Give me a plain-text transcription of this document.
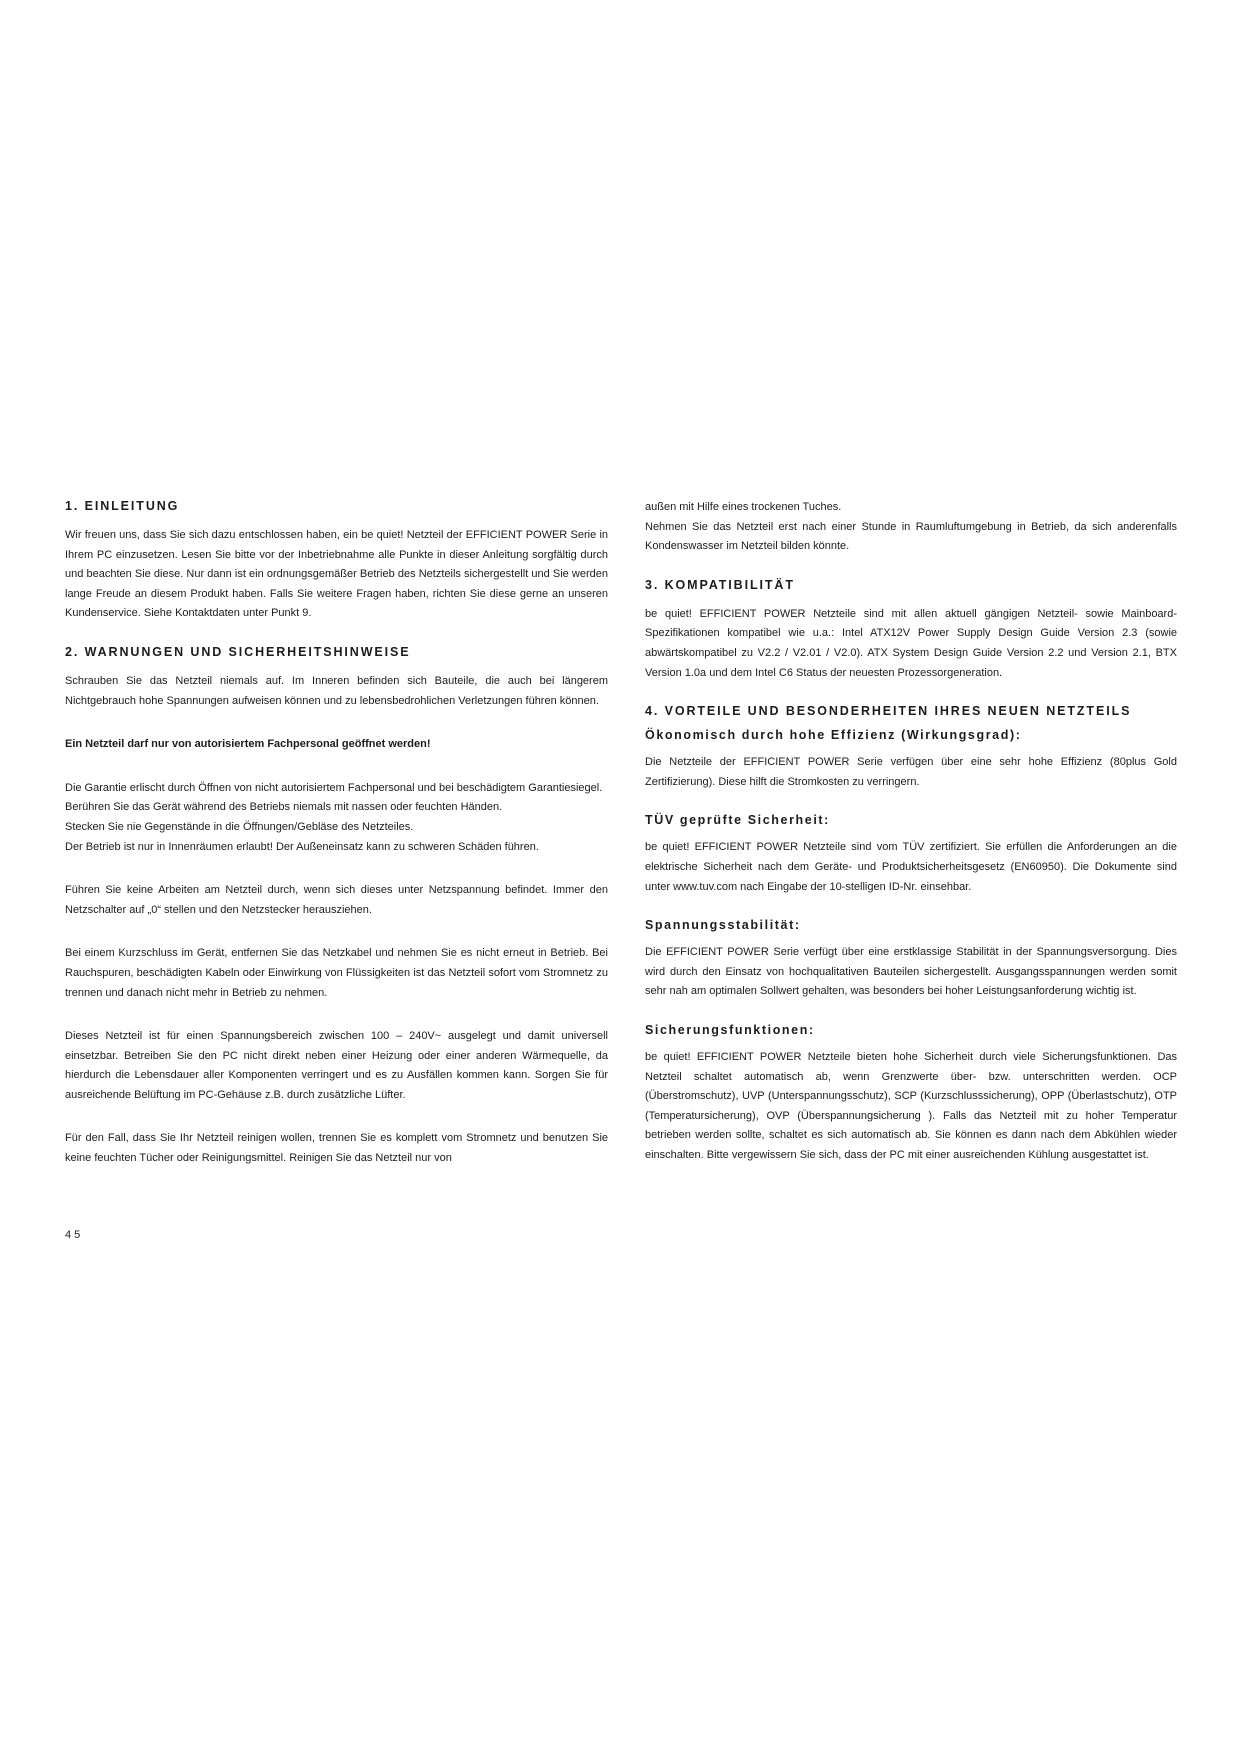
1. EINLEITUNG

Wir freuen uns, dass Sie sich dazu entschlossen haben, ein be quiet! Netzteil der EFFICIENT POWER Serie in Ihrem PC einzusetzen. Lesen Sie bitte vor der Inbetriebnahme alle Punkte in dieser Anleitung sorgfältig durch und beachten Sie diese. Nur dann ist ein ordnungsgemäßer Betrieb des Netzteils sichergestellt und Sie werden lange Freude an diesem Produkt haben. Falls Sie weitere Fragen haben, richten Sie diese gerne an unseren Kundenservice. Siehe Kontaktdaten unter Punkt 9.

2. WARNUNGEN UND SICHERHEITSHINWEISE

Schrauben Sie das Netzteil niemals auf. Im Inneren befinden sich Bauteile, die auch bei längerem Nichtgebrauch hohe Spannungen aufweisen können und zu lebensbedrohlichen Verletzungen führen können.

Ein Netzteil darf nur von autorisiertem Fachpersonal geöffnet werden!

Die Garantie erlischt durch Öffnen von nicht autorisiertem Fachpersonal und bei beschädigtem Garantiesiegel.

Berühren Sie das Gerät während des Betriebs niemals mit nassen oder feuchten Händen.

Stecken Sie nie Gegenstände in die Öffnungen/Gebläse des Netzteiles.

Der Betrieb ist nur in Innenräumen erlaubt! Der Außeneinsatz kann zu schweren Schäden führen.

Führen Sie keine Arbeiten am Netzteil durch, wenn sich dieses unter Netzspannung befindet. Immer den Netzschalter auf „0“ stellen und den Netzstecker herausziehen.

Bei einem Kurzschluss im Gerät, entfernen Sie das Netzkabel und nehmen Sie es nicht erneut in Betrieb. Bei Rauchspuren, beschädigten Kabeln oder Einwirkung von Flüssigkeiten ist das Netzteil sofort vom Stromnetz zu trennen und danach nicht mehr in Betrieb zu nehmen.

Dieses Netzteil ist für einen Spannungsbereich zwischen 100 – 240V~ ausgelegt und damit universell einsetzbar. Betreiben Sie den PC nicht direkt neben einer Heizung oder einer anderen Wärmequelle, da hierdurch die Lebensdauer aller Komponenten verringert und es zu Ausfällen kommen kann. Sorgen Sie für ausreichende Belüftung im PC-Gehäuse z.B. durch zusätzliche Lüfter.

Für den Fall, dass Sie Ihr Netzteil reinigen wollen, trennen Sie es komplett vom Stromnetz und benutzen Sie keine feuchten Tücher oder Reinigungsmittel. Reinigen Sie das Netzteil nur von

außen mit Hilfe eines trockenen Tuches.

Nehmen Sie das Netzteil erst nach einer Stunde in Raumluftumgebung in Betrieb, da sich anderenfalls Kondenswasser im Netzteil bilden könnte.

3. KOMPATIBILITÄT

be quiet! EFFICIENT POWER Netzteile sind mit allen aktuell gängigen Netzteil- sowie Mainboard-Spezifikationen kompatibel wie u.a.: Intel ATX12V Power Supply Design Guide Version 2.3 (sowie abwärtskompatibel zu V2.2 / V2.01 / V2.0). ATX System Design Guide Version 2.2 und Version 2.1, BTX Version 1.0a und dem Intel C6 Status der neuesten Prozessorgeneration.

4. VORTEILE UND BESONDERHEITEN IHRES NEUEN NETZTEILS
Ökonomisch durch hohe Effizienz (Wirkungsgrad):

Die Netzteile der EFFICIENT POWER Serie verfügen über eine sehr hohe Effizienz (80plus Gold Zertifizierung). Diese hilft die Stromkosten zu verringern.

TÜV geprüfte Sicherheit:

be quiet! EFFICIENT POWER Netzteile sind vom TÜV zertifiziert. Sie erfüllen die Anforderungen an die elektrische Sicherheit nach dem Geräte- und Produktsicherheitsgesetz (EN60950). Die Dokumente sind unter www.tuv.com nach Eingabe der 10-stelligen ID-Nr. einsehbar.

Spannungsstabilität:

Die EFFICIENT POWER Serie verfügt über eine erstklassige Stabilität in der Spannungsversorgung. Dies wird durch den Einsatz von hochqualitativen Bauteilen sichergestellt. Ausgangsspannungen werden somit sehr nah am optimalen Sollwert gehalten, was besonders bei hoher Leistungsanforderung wichtig ist.

Sicherungsfunktionen:

be quiet! EFFICIENT POWER Netzteile bieten hohe Sicherheit durch viele Sicherungsfunktionen. Das Netzteil schaltet automatisch ab, wenn Grenzwerte über- bzw. unterschritten werden. OCP (Überstromschutz), UVP (Unterspannungsschutz), SCP (Kurzschlusssicherung), OPP (Überlastschutz), OTP (Temperatursicherung), OVP (Überspannungsicherung ). Falls das Netzteil mit zu hoher Temperatur betrieben werden sollte, schaltet es sich automatisch ab. Sie können es dann nach dem Abkühlen wieder einschalten. Bitte vergewissern Sie sich, dass der PC mit einer ausreichenden Kühlung ausgestattet ist.

45
